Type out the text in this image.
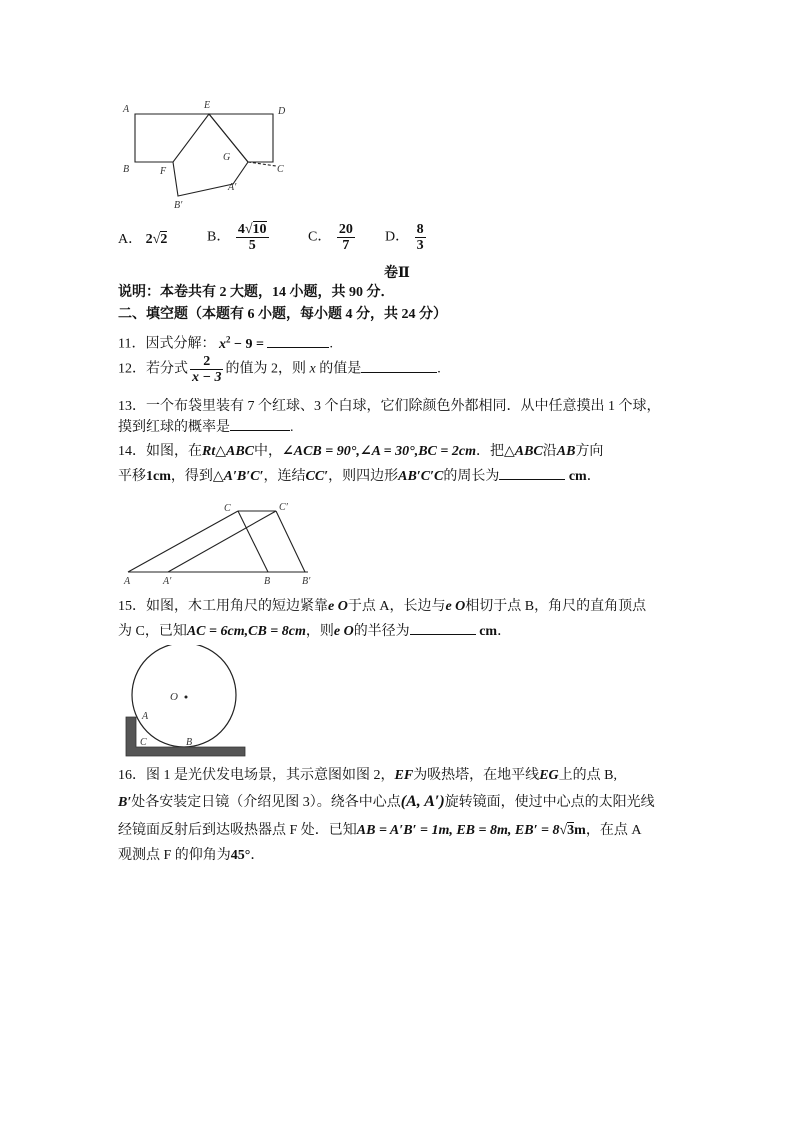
A	E
D
B	F
G
C
A′
B′
A． 2√2	B． $\frac{4√10}{5}$	C． $\frac{20}{7}$ D． $\frac{8}{3}$
卷Ⅱ
说明：本卷共有 2 大题，14 小题，共 90 分．
二、填空题（本题有 6 小题，每小题 4 分，共 24 分）
11．因式分解： $x^2 - 9$ =	.
12．若分式 $\frac{2}{x - 3}$ 的值为 2，则 x 的值是	.
13．一个布袋里装有 7 个红球、3 个白球，它们除颜色外都相同．从中任意摸出 1 个球，
摸到红球的概率是	.
14．如图，在Rt△ABC中，∠ACB = 90°,∠A = 30°,BC = 2cm．把△ABC沿AB方向
平移1cm，得到△A′B′C′，连结CC′，则四边形AB′C′C的周长为	cm．
A	A′	B	B′
C	C′
15．如图，木工用角尺的短边紧靠e O于点 A，长边与e O相切于点 B，角尺的直角顶点
为 C，已知AC = 6cm,CB = 8cm，则e O的半径为	cm．
O
A
C	B
16．图 1 是光伏发电场景，其示意图如图 2，EF为吸热塔，在地平线EG上的点 B,
B′处各安装定日镜（介绍见图 3）。绕各中心点(A, A′)旋转镜面，使过中心点的太阳光线
经镜面反射后到达吸热器点 F 处．已知AB = A′B′ = 1m, EB = 8m, EB′ = 8√3m，在点 A
观测点 F 的仰角为45°．
